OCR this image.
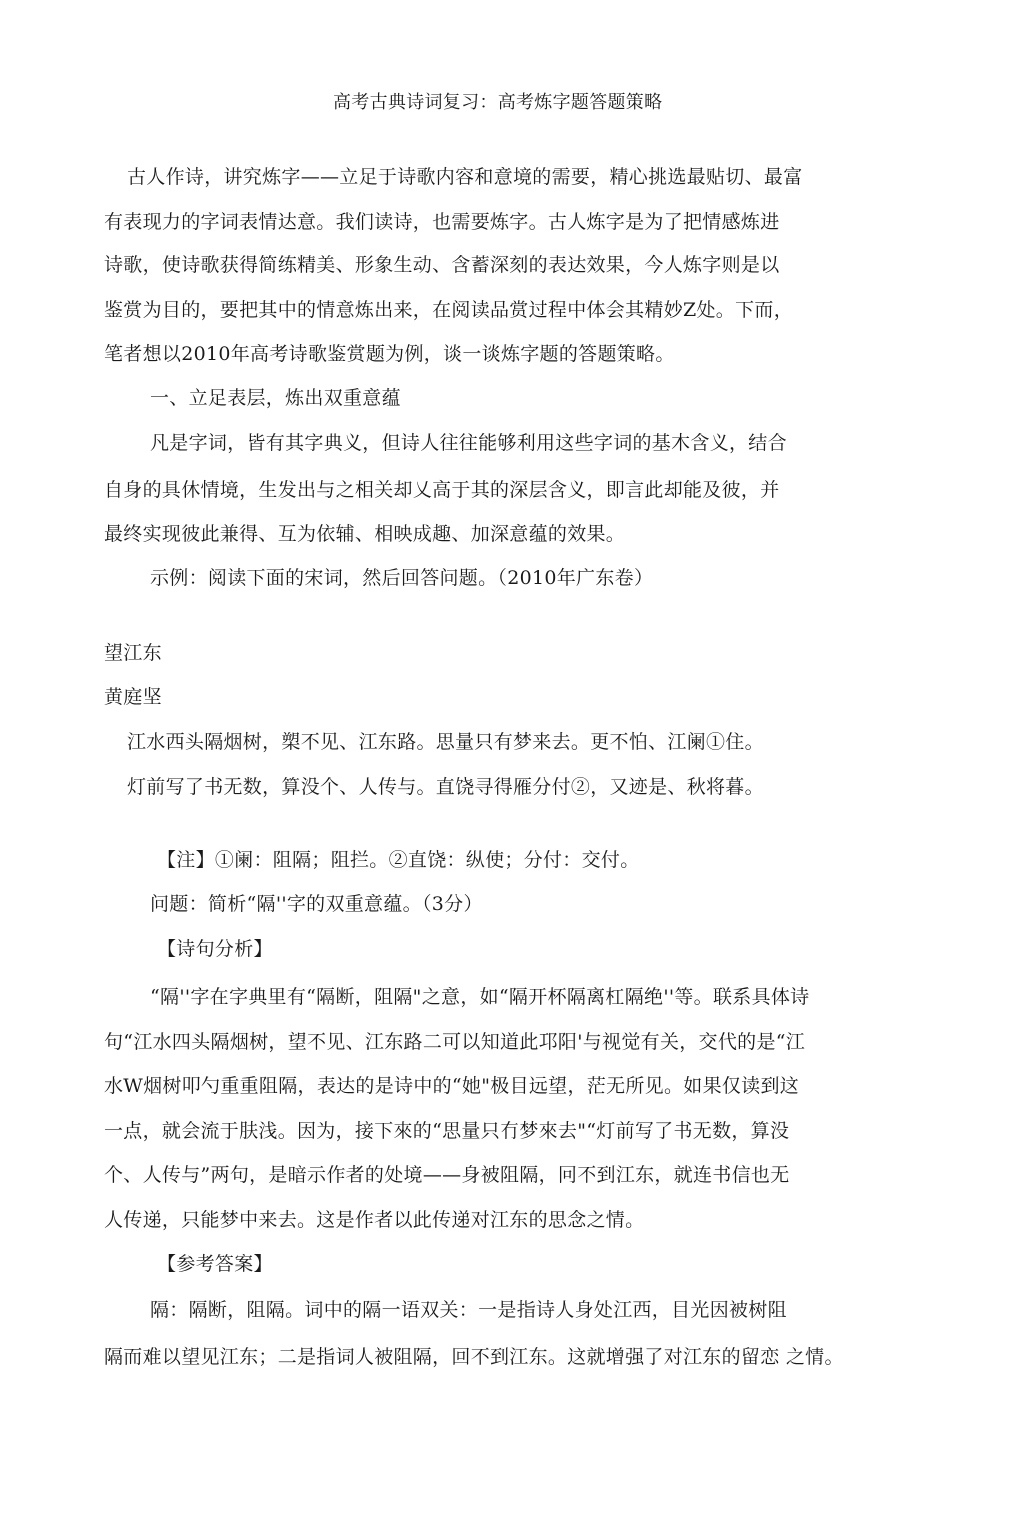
高考古典诗词复习：高考炼字题答题策略
古人作诗，讲究炼字——立足于诗歌内容和意境的需要，精心挑选最贴切、最富
有表现力的字词表情达意。我们读诗，也需要炼字。古人炼字是为了把情感炼进
诗歌，使诗歌获得简练精美、形象生动、含蓄深刻的表达效果，今人炼字则是以
鉴赏为目的，要把其中的情意炼出来，在阅读品赏过程中体会其精妙Z处。下而，
笔者想以2010年高考诗歌鉴赏题为例，谈一谈炼字题的答题策略。
一、立足表层，炼出双重意蕴
凡是字词，皆有其字典义，但诗人往往能够利用这些字词的基木含义，结合
自身的具休情境，生发出与之相关却乂高于其的深层含义，即言此却能及彼，并
最终实现彼此兼得、互为依辅、相映成趣、加深意蕴的效果。
示例：阅读下面的宋词，然后回答问题。（2010年广东卷）
望江东
黄庭坚
江水西头隔烟树，槊不见、江东路。思量只有梦来去。更不怕、江阑①住。
灯前写了书无数，算没个、人传与。直饶寻得雁分付②，又迹是、秋将暮。
【注】①阑：阻隔；阻拦。②直饶：纵使；分付：交付。
问题：简析“隔''字的双重意蕴。（3分）
【诗句分析】
“隔''字在字典里有“隔断，阻隔"之意，如“隔开杯隔离杠隔绝''等。联系具体诗
句“江水四头隔烟树，望不见、江东路二可以知道此邛阳'与视觉有关，交代的是“江
水W烟树叩勺重重阻隔，表达的是诗中的“她"极目远望，茫无所见。如果仅读到这
一点，就会流于肤浅。因为，接下來的“思量只冇梦來去"“灯前写了书无数，算没
个、人传与”两句，是暗示作者的处境——身被阻隔，冋不到江东，就连书信也无
人传递，只能梦中来去。这是作者以此传递对江东的思念之情。
【参考答案】
隔：隔断，阻隔。词中的隔一语双关：一是指诗人身处江西，目光因被树阻
隔而难以望见江东；二是指词人被阻隔，回不到江东。这就增强了对江东的留恋 之情。
